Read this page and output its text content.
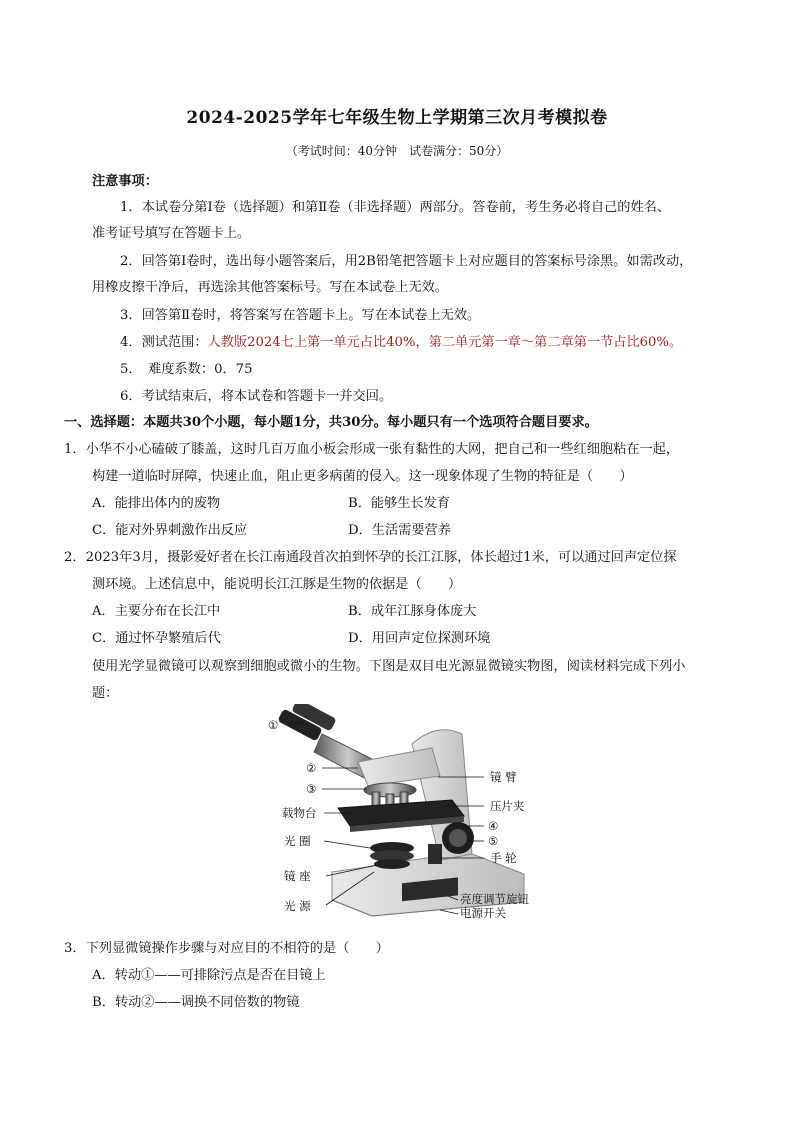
2024-2025学年七年级生物上学期第三次月考模拟卷
（考试时间：40分钟　试卷满分：50分）
注意事项：
1．本试卷分第Ⅰ卷（选择题）和第Ⅱ卷（非选择题）两部分。答卷前，考生务必将自己的姓名、
准考证号填写在答题卡上。
2．回答第Ⅰ卷时，选出每小题答案后，用2B铅笔把答题卡上对应题目的答案标号涂黑。如需改动，
用橡皮擦干净后，再选涂其他答案标号。写在本试卷上无效。
3．回答第Ⅱ卷时，将答案写在答题卡上。写在本试卷上无效。
4．测试范围：人教版2024七上第一单元占比40%，第二单元第一章～第二章第一节占比60%。
5．　难度系数：0．75
6．考试结束后，将本试卷和答题卡一并交回。
一、选择题：本题共30个小题，每小题1分，共30分。每小题只有一个选项符合题目要求。
1．小华不小心磕破了膝盖，这时几百万血小板会形成一张有黏性的大网，把自己和一些红细胞粘在一起，
构建一道临时屏障，快速止血，阻止更多病菌的侵入。这一现象体现了生物的特征是（　　）
A．能排出体内的废物	B．能够生长发育
C．能对外界刺激作出反应	D．生活需要营养
2．2023年3月，摄影爱好者在长江南通段首次拍到怀孕的长江江豚，体长超过1米，可以通过回声定位探
测环境。上述信息中，能说明长江江豚是生物的依据是（　　）
A．主要分布在长江中	B．成年江豚身体庞大
C．通过怀孕繁殖后代	D．用回声定位探测环境
使用光学显微镜可以观察到细胞或微小的生物。下图是双目电光源显微镜实物图，阅读材料完成下列小
题：
①
②
③
载物台
光 圈
镜 座
光 源
镜 臂
压片夹
④
⑤
手 轮
亮度调节旋钮
电源开关
3．下列显微镜操作步骤与对应目的不相符的是（　　）
A．转动①——可排除污点是否在目镜上
B．转动②——调换不同倍数的物镜
